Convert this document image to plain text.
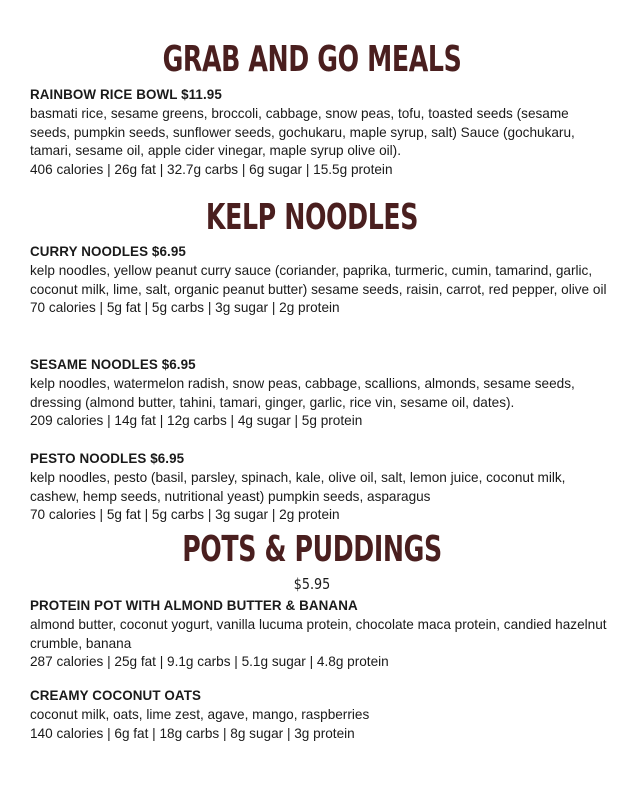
GRAB AND GO MEALS
RAINBOW RICE BOWL $11.95
basmati rice, sesame greens, broccoli, cabbage, snow peas, tofu, toasted seeds (sesame seeds, pumpkin seeds, sunflower seeds, gochukaru, maple syrup, salt) Sauce (gochukaru, tamari, sesame oil, apple cider vinegar, maple syrup olive oil).
406 calories | 26g fat | 32.7g carbs | 6g sugar | 15.5g protein
KELP NOODLES
CURRY NOODLES $6.95
kelp noodles, yellow peanut curry sauce (coriander, paprika, turmeric, cumin, tamarind, garlic, coconut milk, lime, salt, organic peanut butter) sesame seeds, raisin, carrot, red pepper, olive oil
70 calories | 5g fat | 5g carbs | 3g sugar | 2g protein
SESAME NOODLES $6.95
kelp noodles, watermelon radish, snow peas, cabbage, scallions, almonds, sesame seeds, dressing (almond butter, tahini, tamari, ginger, garlic, rice vin, sesame oil, dates).
209 calories | 14g fat | 12g carbs | 4g sugar | 5g protein
PESTO NOODLES $6.95
kelp noodles, pesto (basil, parsley, spinach, kale, olive oil, salt, lemon juice, coconut milk, cashew, hemp seeds, nutritional yeast) pumpkin seeds, asparagus
70 calories | 5g fat | 5g carbs | 3g sugar | 2g protein
POTS & PUDDINGS
$5.95
PROTEIN POT WITH ALMOND BUTTER & BANANA
almond butter, coconut yogurt, vanilla lucuma protein, chocolate maca protein, candied hazelnut crumble, banana
287 calories | 25g fat | 9.1g carbs | 5.1g sugar | 4.8g protein
CREAMY COCONUT OATS
coconut milk, oats, lime zest, agave, mango, raspberries
140 calories | 6g fat | 18g carbs | 8g sugar | 3g protein
